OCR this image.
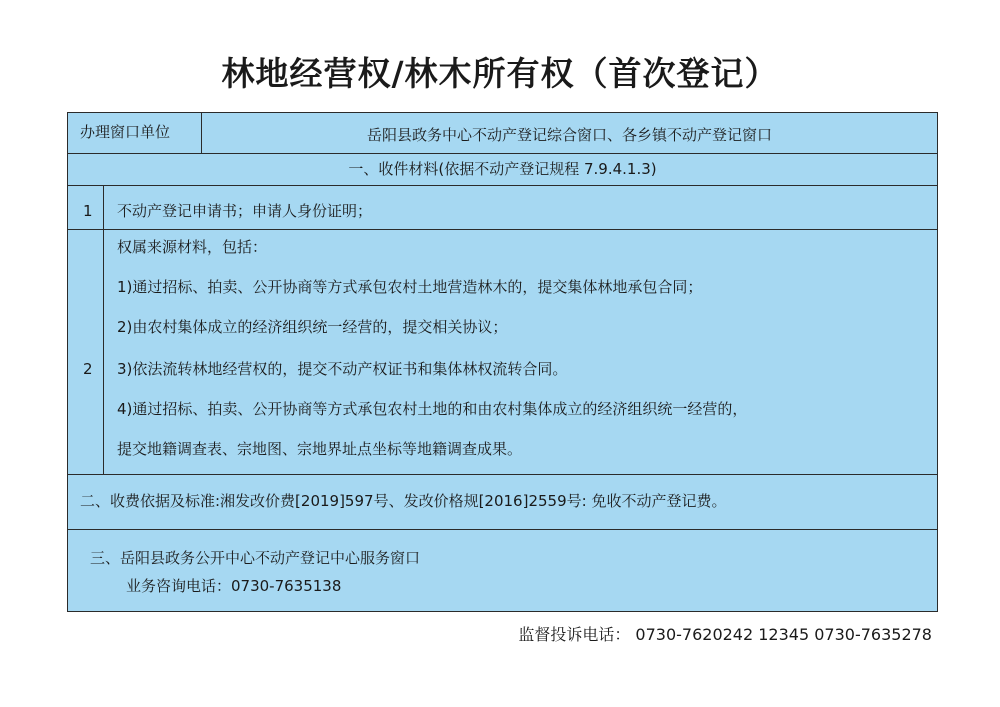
林地经营权/林木所有权（首次登记）
办理窗口单位	岳阳县政务中心不动产登记综合窗口、各乡镇不动产登记窗口
一、收件材料(依据不动产登记规程 7.9.4.1.3)
1 不动产登记申请书；申请人身份证明；
2
权属来源材料，包括：
1)通过招标、拍卖、公开协商等方式承包农村土地营造林木的，提交集体林地承包合同；
2)由农村集体成立的经济组织统一经营的，提交相关协议；
3)依法流转林地经营权的，提交不动产权证书和集体林权流转合同。
4)通过招标、拍卖、公开协商等方式承包农村土地的和由农村集体成立的经济组织统一经营的，
提交地籍调查表、宗地图、宗地界址点坐标等地籍调查成果。
二、收费依据及标准:湘发改价费[2019]597号、发改价格规[2016]2559号: 免收不动产登记费。
三、岳阳县政务公开中心不动产登记中心服务窗口
业务咨询电话：0730-7635138
监督投诉电话： 0730-7620242 12345 0730-7635278
